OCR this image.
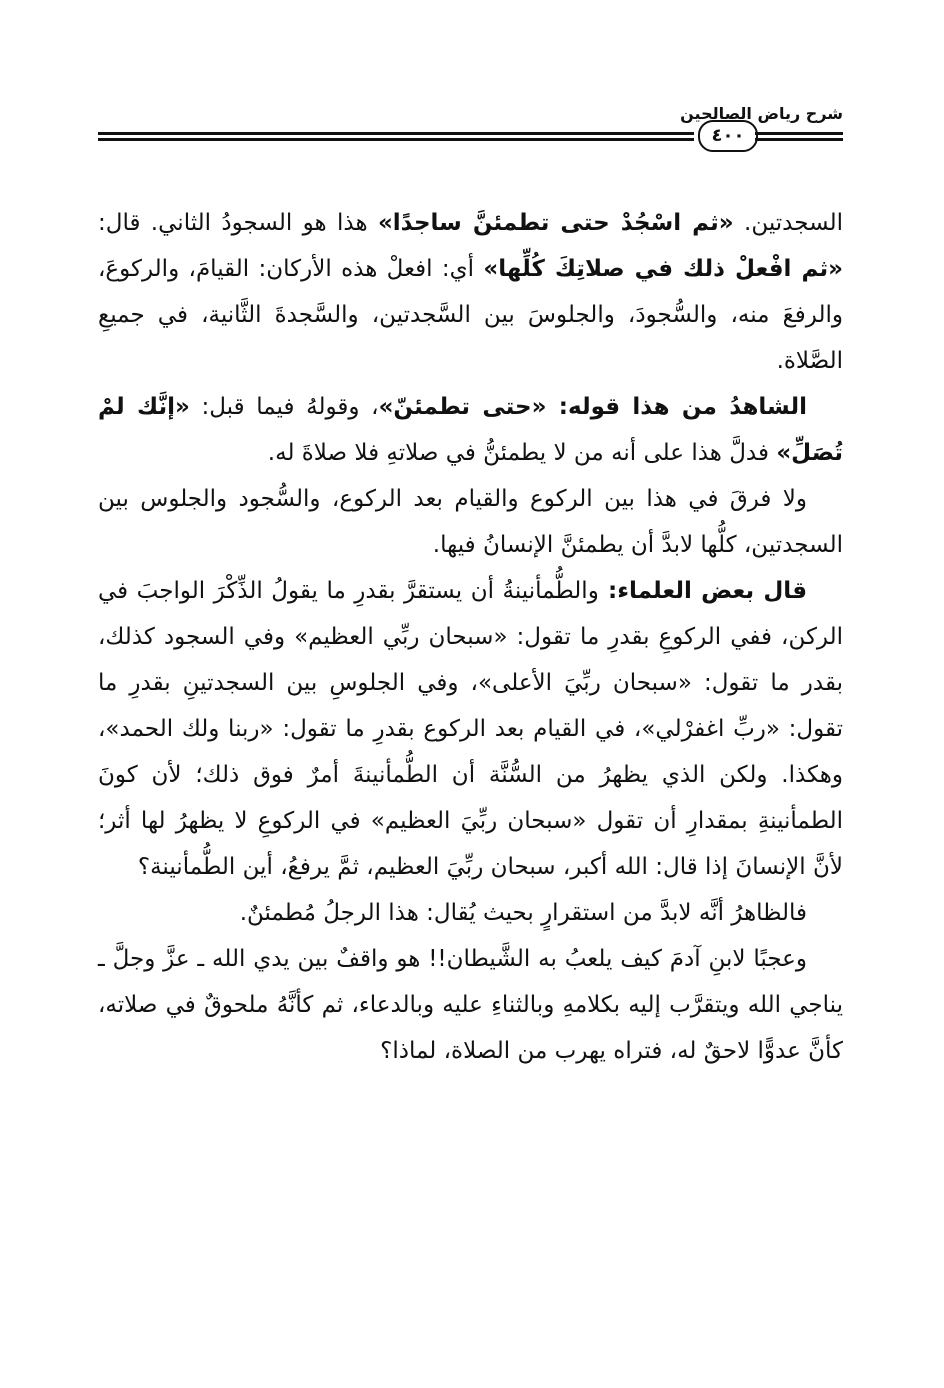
شرح رياض الصالحين
٤٠٠

السجدتين. «ثم اسْجُدْ حتى تطمئنَّ ساجدًا» هذا هو السجودُ الثاني. قال: «ثم افْعلْ ذلك في صلاتِكَ كُلِّها» أي: افعلْ هذه الأركان: القيامَ، والركوعَ، والرفعَ منه، والسُّجودَ، والجلوسَ بين السَّجدتين، والسَّجدةَ الثَّانية، في جميعِ الصَّلاة.

الشاهدُ من هذا قوله: «حتى تطمئنّ»، وقولهُ فيما قبل: «إنَّك لمْ تُصَلِّ» فدلَّ هذا على أنه من لا يطمئنُّ في صلاتهِ فلا صلاةَ له.

ولا فرقَ في هذا بين الركوع والقيام بعد الركوع، والسُّجود والجلوس بين السجدتين، كلُّها لابدَّ أن يطمئنَّ الإنسانُ فيها.

قال بعض العلماء: والطُّمأنينةُ أن يستقرَّ بقدرِ ما يقولُ الذِّكْرَ الواجبَ في الركن، ففي الركوعِ بقدرِ ما تقول: «سبحان ربِّي العظيم» وفي السجود كذلك، بقدر ما تقول: «سبحان ربِّيَ الأعلى»، وفي الجلوسِ بين السجدتينِ بقدرِ ما تقول: «ربِّ اغفرْلي»، في القيام بعد الركوع بقدرِ ما تقول: «ربنا ولك الحمد»، وهكذا. ولكن الذي يظهرُ من السُّنَّة أن الطُّمأنينةَ أمرٌ فوق ذلك؛ لأن كونَ الطمأنينةِ بمقدارِ أن تقول «سبحان ربِّيَ العظيم» في الركوعِ لا يظهرُ لها أثر؛ لأنَّ الإنسانَ إذا قال: الله أكبر، سبحان ربِّيَ العظيم، ثمَّ يرفعُ، أين الطُّمأنينة؟

فالظاهرُ أنَّه لابدَّ من استقرارٍ بحيث يُقال: هذا الرجلُ مُطمئنٌ.

وعجبًا لابنِ آدمَ كيف يلعبُ به الشَّيطان!! هو واقفٌ بين يدي الله ـ عزَّ وجلَّ ـ يناجي الله ويتقرَّب إليه بكلامهِ وبالثناءِ عليه وبالدعاء، ثم كأنَّهُ ملحوقٌ في صلاته، كأنَّ عدوًّا لاحقٌ له، فتراه يهرب من الصلاة، لماذا؟
